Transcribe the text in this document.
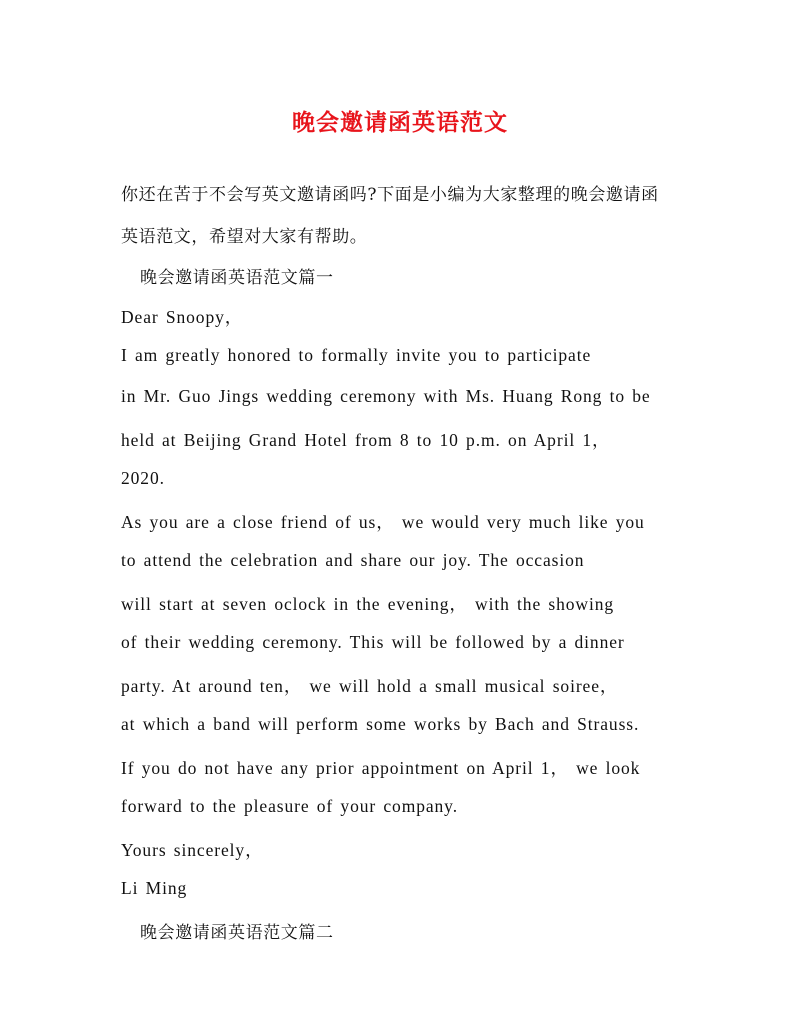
晚会邀请函英语范文

你还在苦于不会写英文邀请函吗?下面是小编为大家整理的晚会邀请函

英语范文，希望对大家有帮助。

晚会邀请函英语范文篇一

Dear Snoopy，

I am greatly honored to formally invite you to participate

in Mr. Guo Jings wedding ceremony with Ms. Huang Rong to be

held at Beijing Grand Hotel from 8 to 10 p.m. on April 1，

2020.

As you are a close friend of us， we would very much like you

to attend the celebration and share our joy. The occasion

will start at seven oclock in the evening， with the showing

of their wedding ceremony. This will be followed by a dinner

party. At around ten， we will hold a small musical soiree，

at which a band will perform some works by Bach and Strauss.

If you do not have any prior appointment on April 1， we look

forward to the pleasure of your company.

Yours sincerely，

Li Ming

晚会邀请函英语范文篇二
